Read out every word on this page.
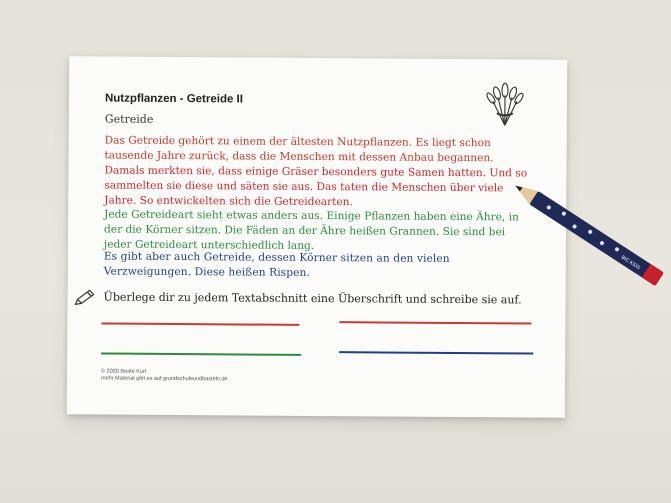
Nutzpflanzen - Getreide II
Getreide

Das Getreide gehört zu einem der ältesten Nutzpflanzen. Es liegt schon tausende Jahre zurück, dass die Menschen mit dessen Anbau begannen.

Damals merkten sie, dass einige Gräser besonders gute Samen hatten. Und so sammelten sie diese und säten sie aus. Das taten die Menschen über viele Jahre. So entwickelten sich die Getreidearten.

Jede Getreideart sieht etwas anders aus. Einige Pflanzen haben eine Ähre, in der die Körner sitzen. Die Fäden an der Ähre heißen Grannen. Sie sind bei jeder Getreideart unterschiedlich lang.

Es gibt aber auch Getreide, dessen Körner sitzen an den vielen Verzweigungen. Diese heißen Rispen.

Überlege dir zu jedem Textabschnitt eine Überschrift und schreibe sie auf.
© 2020 Beate Kurt
mehr Material gibt es auf grundschuleundbasteln.de
BIC KIDS
